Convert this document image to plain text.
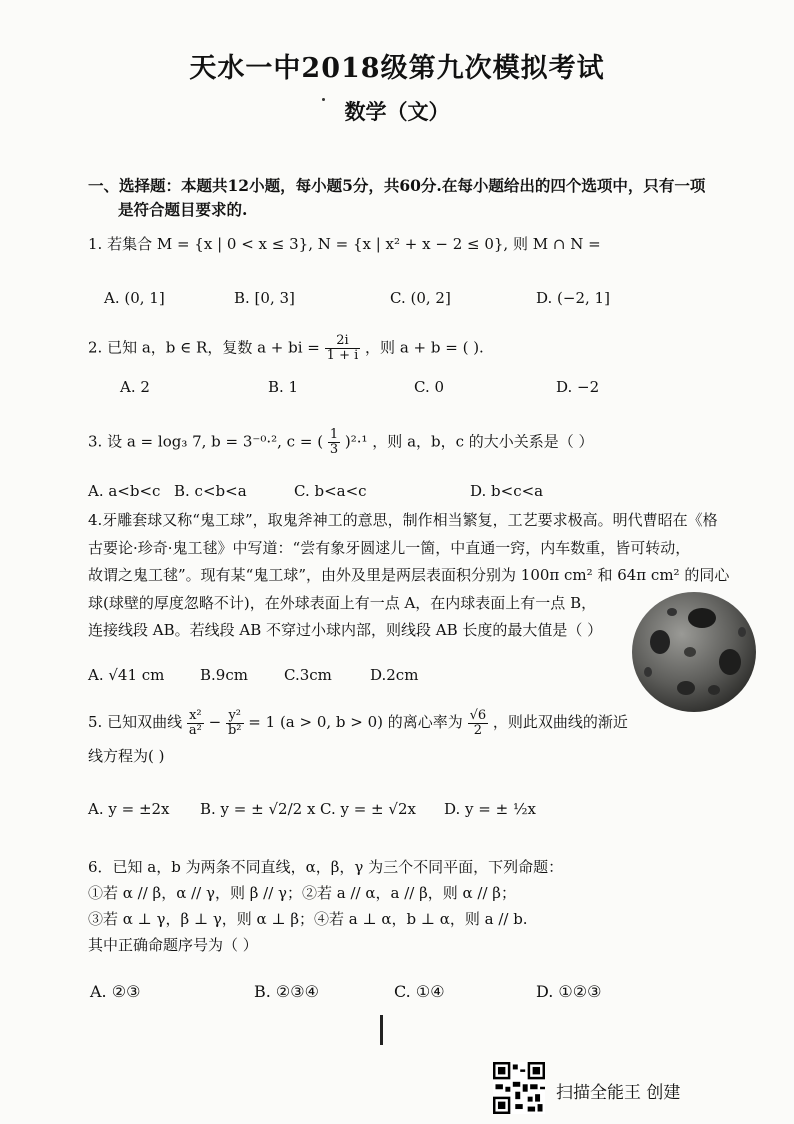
天水一中2018级第九次模拟考试
数学（文）
一、选择题：本题共12小题，每小题5分，共60分.在每小题给出的四个选项中，只有一项
是符合题目要求的.
1. 若集合 M = {x | 0 < x ≤ 3}, N = {x | x² + x − 2 ≤ 0}, 则 M ∩ N =
A. (0, 1]	B. [0, 3]	C. (0, 2]	D. (−2, 1]
2. 已知 a，b ∈ R，复数 a + bi = $\frac{2i}{1 + i}$ ，则 a + b = ( ).
A. 2	B. 1	C. 0	D. −2
3. 设 a = log₃ 7, b = 3⁻⁰·², c = ( $\frac{1}{3} )^2\cdot^1$ ，则 a，b，c 的大小关系是（ ）
A. a<b<c B. c<b<a	C. b<a<c	D. b<c<a
4.牙雕套球又称“鬼工球”，取鬼斧神工的意思，制作相当繁复，工艺要求极高。明代曹昭在《格
古要论·珍奇·鬼工毬》中写道：“尝有象牙圆逑儿一箇，中直通一窍，内车数重，皆可转动，
故谓之鬼工毬”。现有某“鬼工球”，由外及里是两层表面积分别为 100π cm² 和 64π cm² 的同心
球(球壁的厚度忽略不计)，在外球表面上有一点 A，在内球表面上有一点 B，
连接线段 AB。若线段 AB 不穿过小球内部，则线段 AB 长度的最大值是（ ）
A. √41 cm B.9cm C.3cm	D.2cm
5. 已知双曲线 $\frac{\text{x²}}{\text{a²}} - \frac{\text{y²}}{\text{b²}} = 1$ (a > 0, b > 0) 的离心率为 $\frac{√6}{2}$ ，则此双曲线的渐近
线方程为( )
A. y = ±2x B. y = ± √2/2 x C. y = ± √2x D. y = ± ½x
6．已知 a，b 为两条不同直线，α，β，γ 为三个不同平面，下列命题：
①若 α // β，α // γ，则 β // γ；②若 a // α，a // β，则 α // β；
③若 α ⊥ γ，β ⊥ γ，则 α ⊥ β；④若 a ⊥ α，b ⊥ α，则 a // b.
其中正确命题序号为（ ）
A. ②③	B. ②③④	C. ①④	D. ①②③
扫描全能王 创建
